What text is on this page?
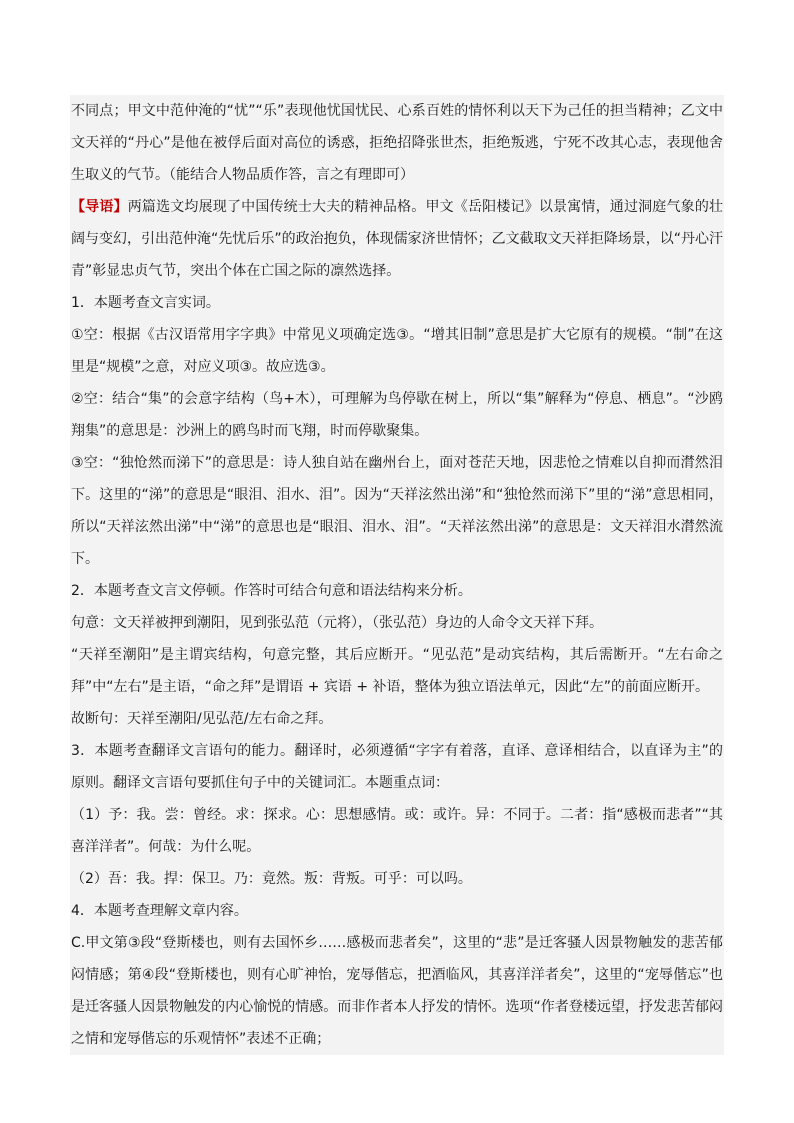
不同点；甲文中范仲淹的“忧”“乐”表现他忧国忧民、心系百姓的情怀利以天下为己任的担当精神；乙文中文天祥的“丹心”是他在被俘后面对高位的诱惑，拒绝招降张世杰，拒绝叛逃，宁死不改其心志，表现他舍生取义的气节。（能结合人物品质作答，言之有理即可）

【导语】两篇选文均展现了中国传统士大夫的精神品格。甲文《岳阳楼记》以景寓情，通过洞庭气象的壮阔与变幻，引出范仲淹“先忧后乐”的政治抱负，体现儒家济世情怀；乙文截取文天祥拒降场景，以“丹心汗青”彰显忠贞气节，突出个体在亡国之际的凛然选择。

1．本题考查文言实词。

①空：根据《古汉语常用字字典》中常见义项确定选③。“增其旧制”意思是扩大它原有的规模。“制”在这里是“规模”之意，对应义项③。故应选③。

②空：结合“集”的会意字结构（鸟+木），可理解为鸟停歇在树上，所以“集”解释为“停息、栖息”。“沙鸥翔集”的意思是：沙洲上的鸥鸟时而飞翔，时而停歇聚集。

③空：“独怆然而涕下”的意思是：诗人独自站在幽州台上，面对苍茫天地，因悲怆之情难以自抑而潸然泪下。这里的“涕”的意思是“眼泪、泪水、泪”。因为“天祥泫然出涕”和“独怆然而涕下”里的“涕”意思相同，所以“天祥泫然出涕”中“涕”的意思也是“眼泪、泪水、泪”。“天祥泫然出涕”的意思是：文天祥泪水潸然流下。

2．本题考查文言文停顿。作答时可结合句意和语法结构来分析。

句意：文天祥被押到潮阳，见到张弘范（元将），（张弘范）身边的人命令文天祥下拜。

“天祥至潮阳”是主谓宾结构，句意完整，其后应断开。“见弘范”是动宾结构，其后需断开。“左右命之拜”中“左右”是主语，“命之拜”是谓语 + 宾语 + 补语，整体为独立语法单元，因此“左”的前面应断开。

故断句：天祥至潮阳/见弘范/左右命之拜。

3．本题考查翻译文言语句的能力。翻译时，必须遵循“字字有着落，直译、意译相结合，以直译为主”的原则。翻译文言语句要抓住句子中的关键词汇。本题重点词：

（1）予：我。尝：曾经。求：探求。心：思想感情。或：或许。异：不同于。二者：指“感极而悲者”“其喜洋洋者”。何哉：为什么呢。

（2）吾：我。捍：保卫。乃：竟然。叛：背叛。可乎：可以吗。

4．本题考查理解文章内容。

C.甲文第③段“登斯楼也，则有去国怀乡……感极而悲者矣”，这里的“悲”是迁客骚人因景物触发的悲苦郁闷情感；第④段“登斯楼也，则有心旷神怡，宠辱偕忘，把酒临风，其喜洋洋者矣”，这里的“宠辱偕忘”也是迁客骚人因景物触发的内心愉悦的情感。而非作者本人抒发的情怀。选项“作者登楼远望，抒发悲苦郁闷之情和宠辱偕忘的乐观情怀”表述不正确；
